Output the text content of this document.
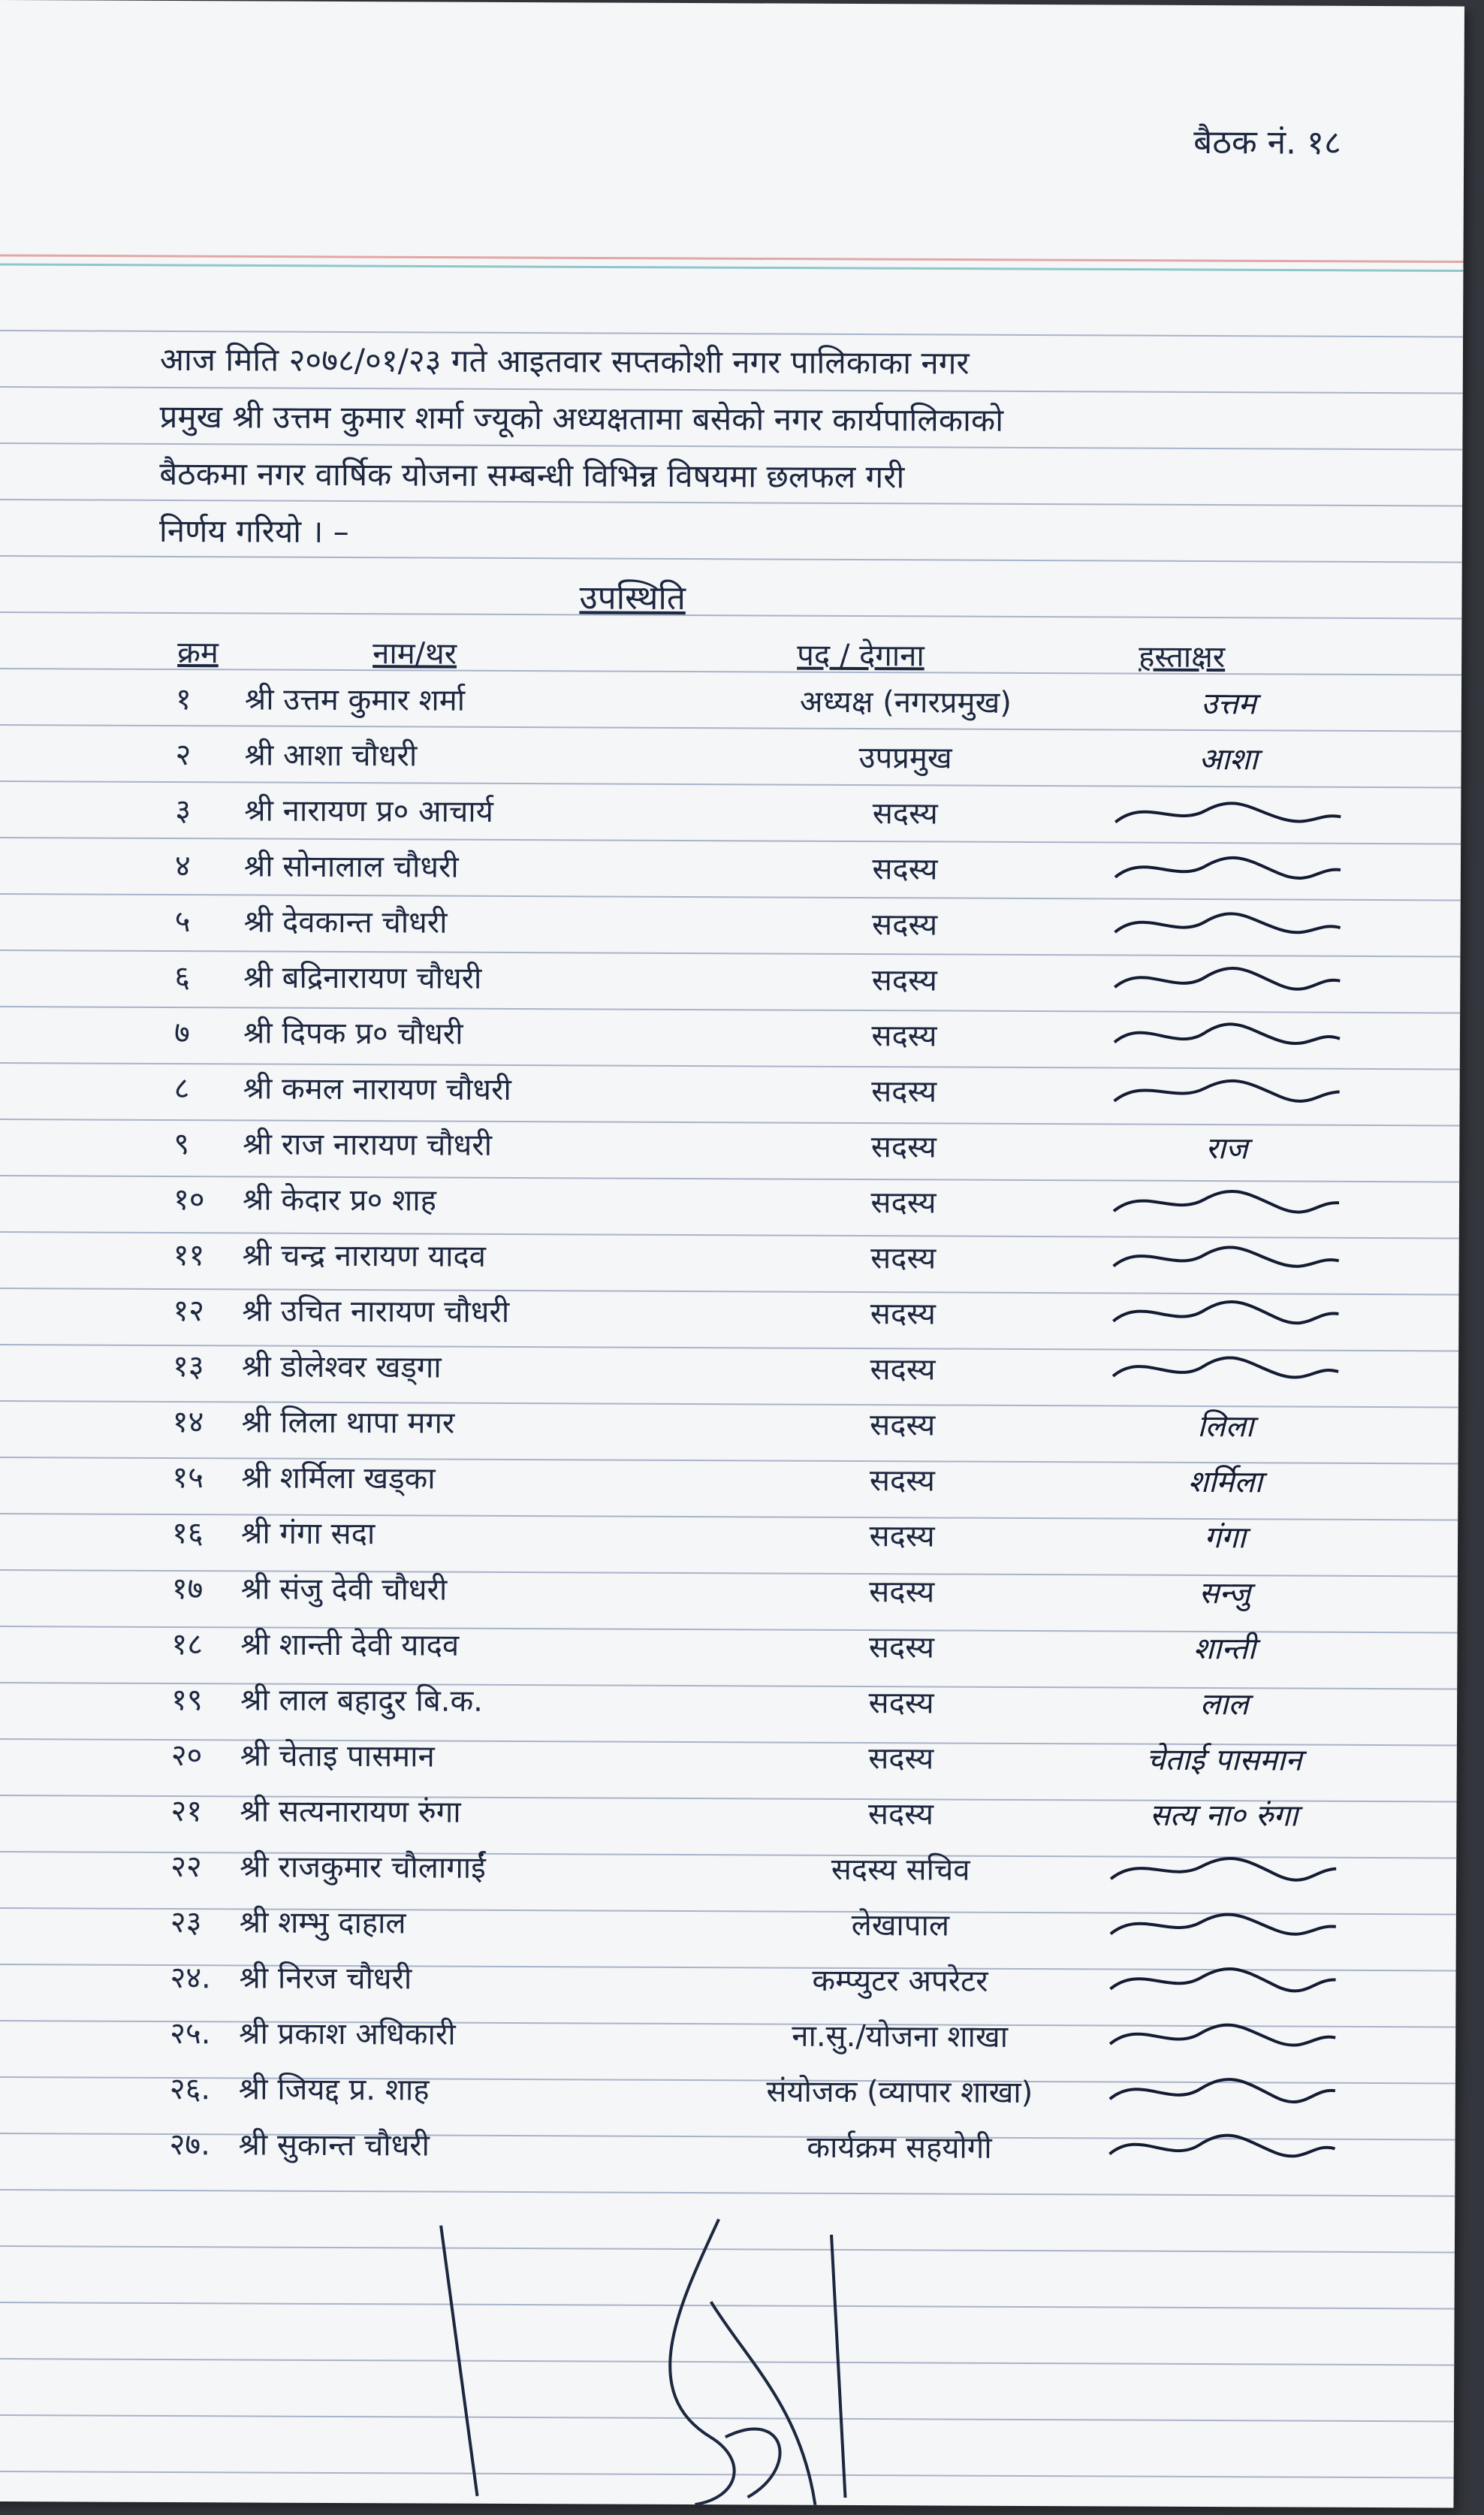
बैठक नं. १८
आज मिति २०७८/०१/२३ गते आइतवार सप्तकोशी नगर पालिकाका नगर
प्रमुख श्री उत्तम कुमार शर्मा ज्यूको अध्यक्षतामा बसेको नगर कार्यपालिकाको
बैठकमा नगर वार्षिक योजना सम्बन्धी विभिन्न विषयमा छलफल गरी
निर्णय गरियो । –
उपस्थिति
क्रम	नाम/थर	पद / देगाना	हस्ताक्षर
१	श्री उत्तम कुमार शर्मा	अध्यक्ष (नगरप्रमुख)	उत्तम
२	श्री आशा चौधरी	उपप्रमुख	आशा
३	श्री नारायण प्र० आचार्य	सदस्य
४	श्री सोनालाल चौधरी	सदस्य
५	श्री देवकान्त चौधरी	सदस्य
६	श्री बद्रिनारायण चौधरी	सदस्य
७	श्री दिपक प्र० चौधरी	सदस्य
८	श्री कमल नारायण चौधरी	सदस्य
९	श्री राज नारायण चौधरी	सदस्य	राज
१०	श्री केदार प्र० शाह	सदस्य
११	श्री चन्द्र नारायण यादव	सदस्य
१२	श्री उचित नारायण चौधरी	सदस्य
१३	श्री डोलेश्वर खड्गा	सदस्य
१४	श्री लिला थापा मगर	सदस्य	लिला
१५	श्री शर्मिला खड्का	सदस्य	शर्मिला
१६	श्री गंगा सदा	सदस्य	गंगा
१७	श्री संजु देवी चौधरी	सदस्य	सन्जु
१८	श्री शान्ती देवी यादव	सदस्य	शान्ती
१९	श्री लाल बहादुर बि.क.	सदस्य	लाल
२०	श्री चेताइ पासमान	सदस्य	चेताई पासमान
२१	श्री सत्यनारायण रुंगा	सदस्य	सत्य ना० रुंगा
२२	श्री राजकुमार चौलागाईं	सदस्य सचिव
२३	श्री शम्भु दाहाल	लेखापाल
२४. श्री निरज चौधरी	कम्प्युटर अपरेटर
२५. श्री प्रकाश अधिकारी	ना.सु./योजना शाखा
२६. श्री जियद्द प्र. शाह	संयोजक (व्यापार शाखा)
२७. श्री सुकान्त चौधरी	कार्यक्रम सहयोगी
